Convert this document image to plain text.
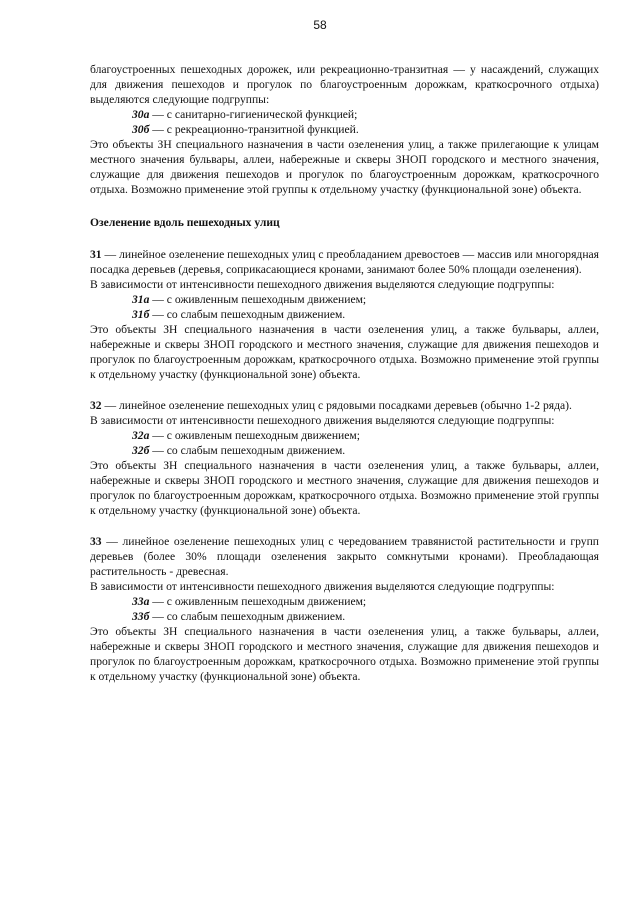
58

благоустроенных пешеходных дорожек, или рекреационно-транзитная — у насаждений, служащих для движения пешеходов и прогулок по благоустроенным дорожкам, краткосрочного отдыха) выделяются следующие подгруппы:

30а — с санитарно-гигиенической функцией;

30б — с рекреационно-транзитной функцией.

Это объекты ЗН специального назначения в части озеленения улиц, а также прилегающие к улицам местного значения бульвары, аллеи, набережные и скверы ЗНОП городского и местного значения, служащие для движения пешеходов и прогулок по благоустроенным дорожкам, краткосрочного отдыха. Возможно применение этой группы к отдельному участку (функциональной зоне) объекта.

Озеленение вдоль пешеходных улиц

31 — линейное озеленение пешеходных улиц с преобладанием древостоев — массив или многорядная посадка деревьев (деревья, соприкасающиеся кронами, занимают более 50% площади озеленения).

В зависимости от интенсивности пешеходного движения выделяются следующие подгруппы:

31а — с оживленным пешеходным движением;

31б — со слабым пешеходным движением.

Это объекты ЗН специального назначения в части озеленения улиц, а также бульвары, аллеи, набережные и скверы ЗНОП городского и местного значения, служащие для движения пешеходов и прогулок по благоустроенным дорожкам, краткосрочного отдыха. Возможно применение этой группы к отдельному участку (функциональной зоне) объекта.

32 — линейное озеленение пешеходных улиц с рядовыми посадками деревьев (обычно 1-2 ряда).

В зависимости от интенсивности пешеходного движения выделяются следующие подгруппы:

32а — с оживленым пешеходным движением;

32б — со слабым пешеходным движением.

Это объекты ЗН специального назначения в части озеленения улиц, а также бульвары, аллеи, набережные и скверы ЗНОП городского и местного значения, служащие для движения пешеходов и прогулок по благоустроенным дорожкам, краткосрочного отдыха. Возможно применение этой группы к отдельному участку (функциональной зоне) объекта.

33 — линейное озеленение пешеходных улиц с чередованием травянистой растительности и групп деревьев (более 30% площади озеленения закрыто сомкнутыми кронами). Преобладающая растительность - древесная.

В зависимости от интенсивности пешеходного движения выделяются следующие подгруппы:

33а — с оживленным пешеходным движением;

33б — со слабым пешеходным движением.

Это объекты ЗН специального назначения в части озеленения улиц, а также бульвары, аллеи, набережные и скверы ЗНОП городского и местного значения, служащие для движения пешеходов и прогулок по благоустроенным дорожкам, краткосрочного отдыха. Возможно применение этой группы к отдельному участку (функциональной зоне) объекта.
